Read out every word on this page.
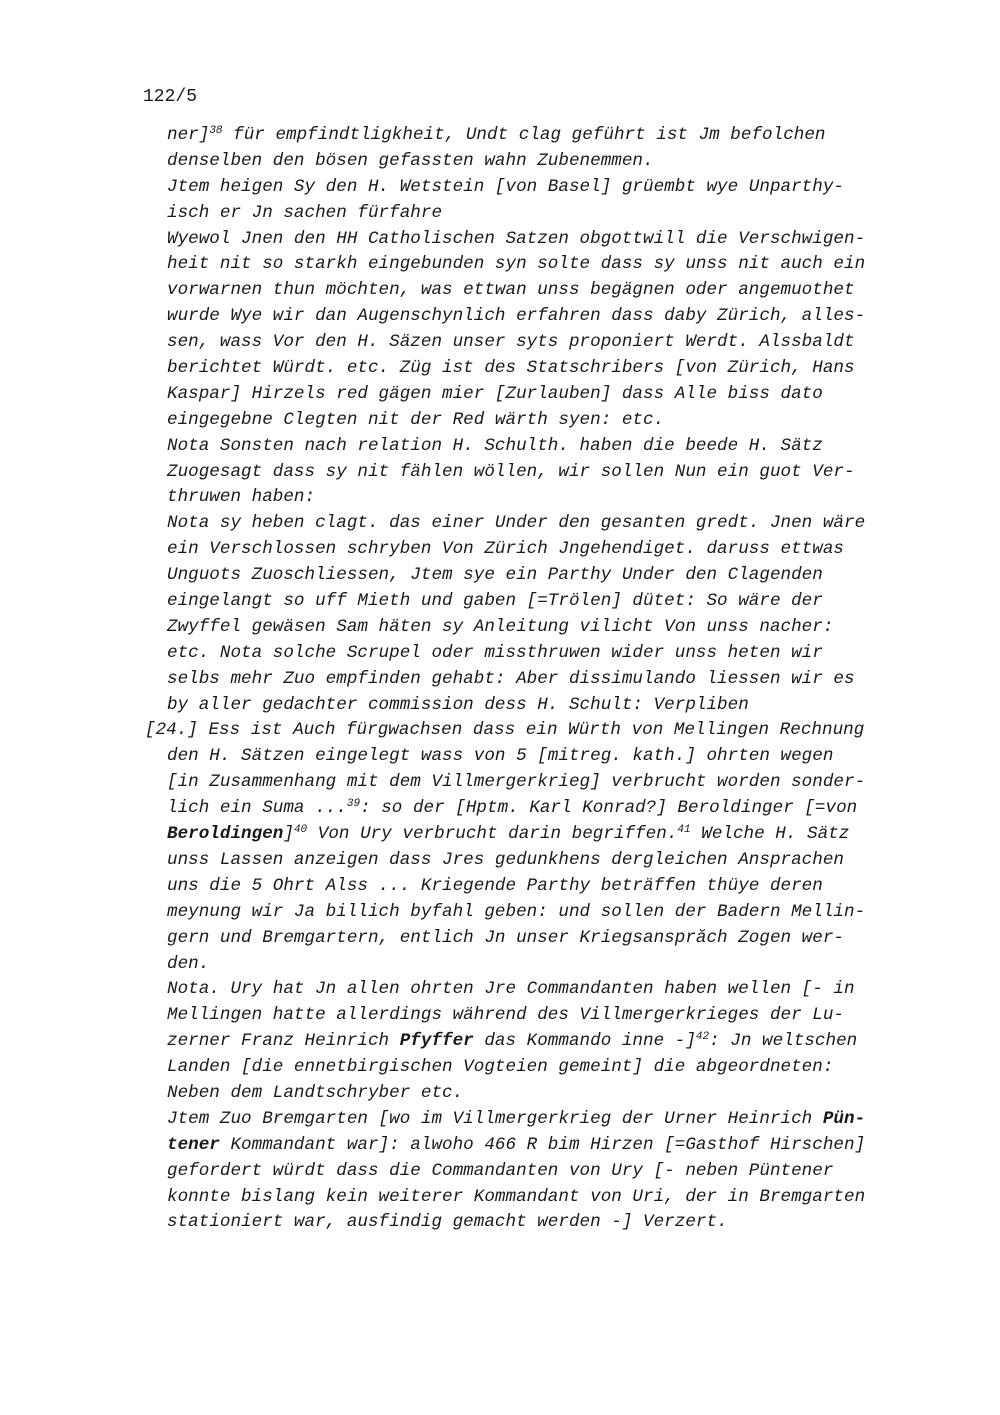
122/5
ner]$^{38}$ für empfindtligkheit, Undt clag geführt ist Jm befolchen
denselben den bösen gefassten wahn Zubenemmen.
Jtem heigen Sy den H. Wetstein [von Basel] grüembt wye Unparthy-
isch er Jn sachen fürfahre
Wyewol Jnen den HH Catholischen Satzen obgottwill die Verschwigen-
heit nit so starkh eingebunden syn solte dass sy unss nit auch ein
vorwarnen thun möchten, was ettwan unss begägnen oder angemuothet
wurde Wye wir dan Augenschynlich erfahren dass daby Zürich, alles-
sen, wass Vor den H. Säzen unser syts proponiert Werdt. Alssbaldt
berichtet Würdt. etc. Züg ist des Statschribers [von Zürich, Hans
Kaspar] Hirzels red gägen mier [Zurlauben] dass Alle biss dato
eingegebne Clegten nit der Red wärth syen: etc.
Nota Sonsten nach relation H. Schulth. haben die beede H. Sätz
Zuogesagt dass sy nit fählen wöllen, wir sollen Nun ein guot Ver-
thruwen haben:
Nota sy heben clagt. das einer Under den gesanten gredt. Jnen wäre
ein Verschlossen schryben Von Zürich Jngehendiget. daruss ettwas
Unguots Zuoschliessen, Jtem sye ein Parthy Under den Clagenden
eingelangt so uff Mieth und gaben [=Trölen] dütet: So wäre der
Zwyffel gewäsen Sam häten sy Anleitung vilicht Von unss nacher:
etc. Nota solche Scrupel oder missthruwen wider unss heten wir
selbs mehr Zuo empfinden gehabt: Aber dissimulando liessen wir es
by aller gedachter commission dess H. Schult: Verpliben
[24.] Ess ist Auch fürgwachsen dass ein Würth von Mellingen Rechnung
den H. Sätzen eingelegt wass von 5 [mitreg. kath.] ohrten wegen
[in Zusammenhang mit dem Villmergerkrieg] verbrucht worden sonder-
lich ein Suma ...$^{39}$: so der [Hptm. Karl Konrad?] Beroldinger [=von
Beroldingen]$^{40}$ Von Ury verbrucht darin begriffen.$^{41}$ Welche H. Sätz
unss Lassen anzeigen dass Jres gedunkhens dergleichen Ansprachen
uns die 5 Ohrt Alss ... Kriegende Parthy beträffen thüye deren
meynung wir Ja billich byfahl geben: und sollen der Badern Mellin-
gern und Bremgartern, entlich Jn unser Kriegsansprăch Zogen wer-
den.
Nota. Ury hat Jn allen ohrten Jre Commandanten haben wellen [- in
Mellingen hatte allerdings während des Villmergerkrieges der Lu-
zerner Franz Heinrich Pfyffer das Kommando inne -]$^{42}$: Jn weltschen
Landen [die ennetbirgischen Vogteien gemeint] die abgeordneten:
Neben dem Landtschryber etc.
Jtem Zuo Bremgarten [wo im Villmergerkrieg der Urner Heinrich Pün-
tener Kommandant war]: alwoho 466 R bim Hirzen [=Gasthof Hirschen]
gefordert würdt dass die Commandanten von Ury [- neben Püntener
konnte bislang kein weiterer Kommandant von Uri, der in Bremgarten
stationiert war, ausfindig gemacht werden -] Verzert.
